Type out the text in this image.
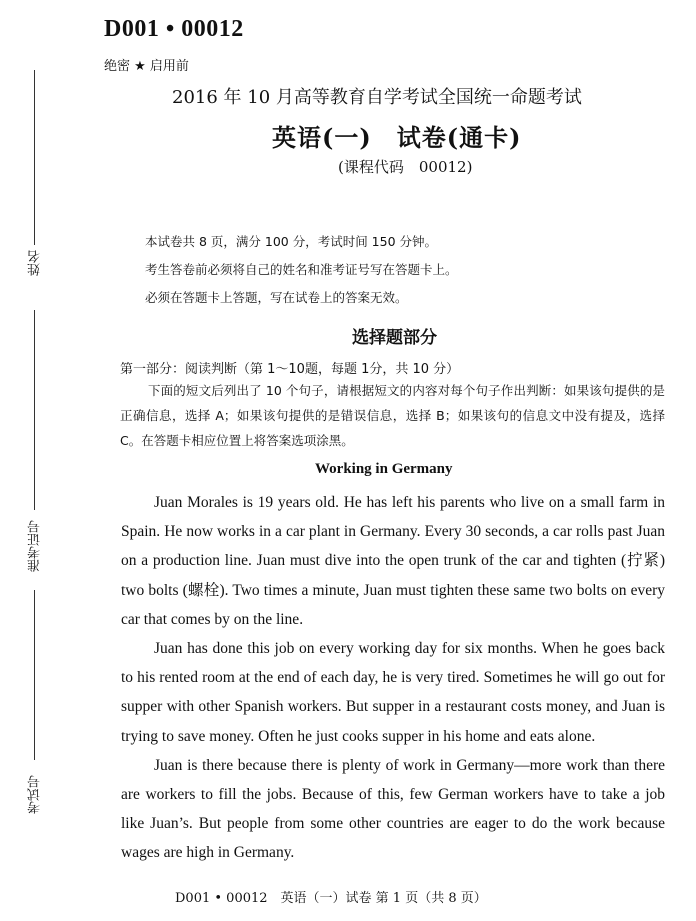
姓名
准考证号
考试号
D001 • 00012
绝密 ★ 启用前
2016 年 10 月高等教育自学考试全国统一命题考试
英语(一)　试卷(通卡)
(课程代码　00012)
本试卷共 8 页，满分 100 分，考试时间 150 分钟。
考生答卷前必须将自己的姓名和准考证号写在答题卡上。
必须在答题卡上答题，写在试卷上的答案无效。
选择题部分
第一部分：阅读判断（第 1～10题，每题 1分，共 10 分）
下面的短文后列出了 10 个句子，请根据短文的内容对每个句子作出判断：如果该句提供的是正确信息，选择 A；如果该句提供的是错误信息，选择 B；如果该句的信息文中没有提及，选择 C。在答题卡相应位置上将答案选项涂黑。
Working in Germany

Juan Morales is 19 years old. He has left his parents who live on a small farm in Spain. He now works in a car plant in Germany. Every 30 seconds, a car rolls past Juan on a production line. Juan must dive into the open trunk of the car and tighten (拧紧) two bolts (螺栓). Two times a minute, Juan must tighten these same two bolts on every car that comes by on the line.

Juan has done this job on every working day for six months. When he goes back to his rented room at the end of each day, he is very tired. Sometimes he will go out for supper with other Spanish workers. But supper in a restaurant costs money, and Juan is trying to save money. Often he just cooks supper in his home and eats alone.

Juan is there because there is plenty of work in Germany—more work than there are workers to fill the jobs. Because of this, few German workers have to take a job like Juan’s. But people from some other countries are eager to do the work because wages are high in Germany.

D001 • 00012　英语（一）试卷 第 1 页（共 8 页）
